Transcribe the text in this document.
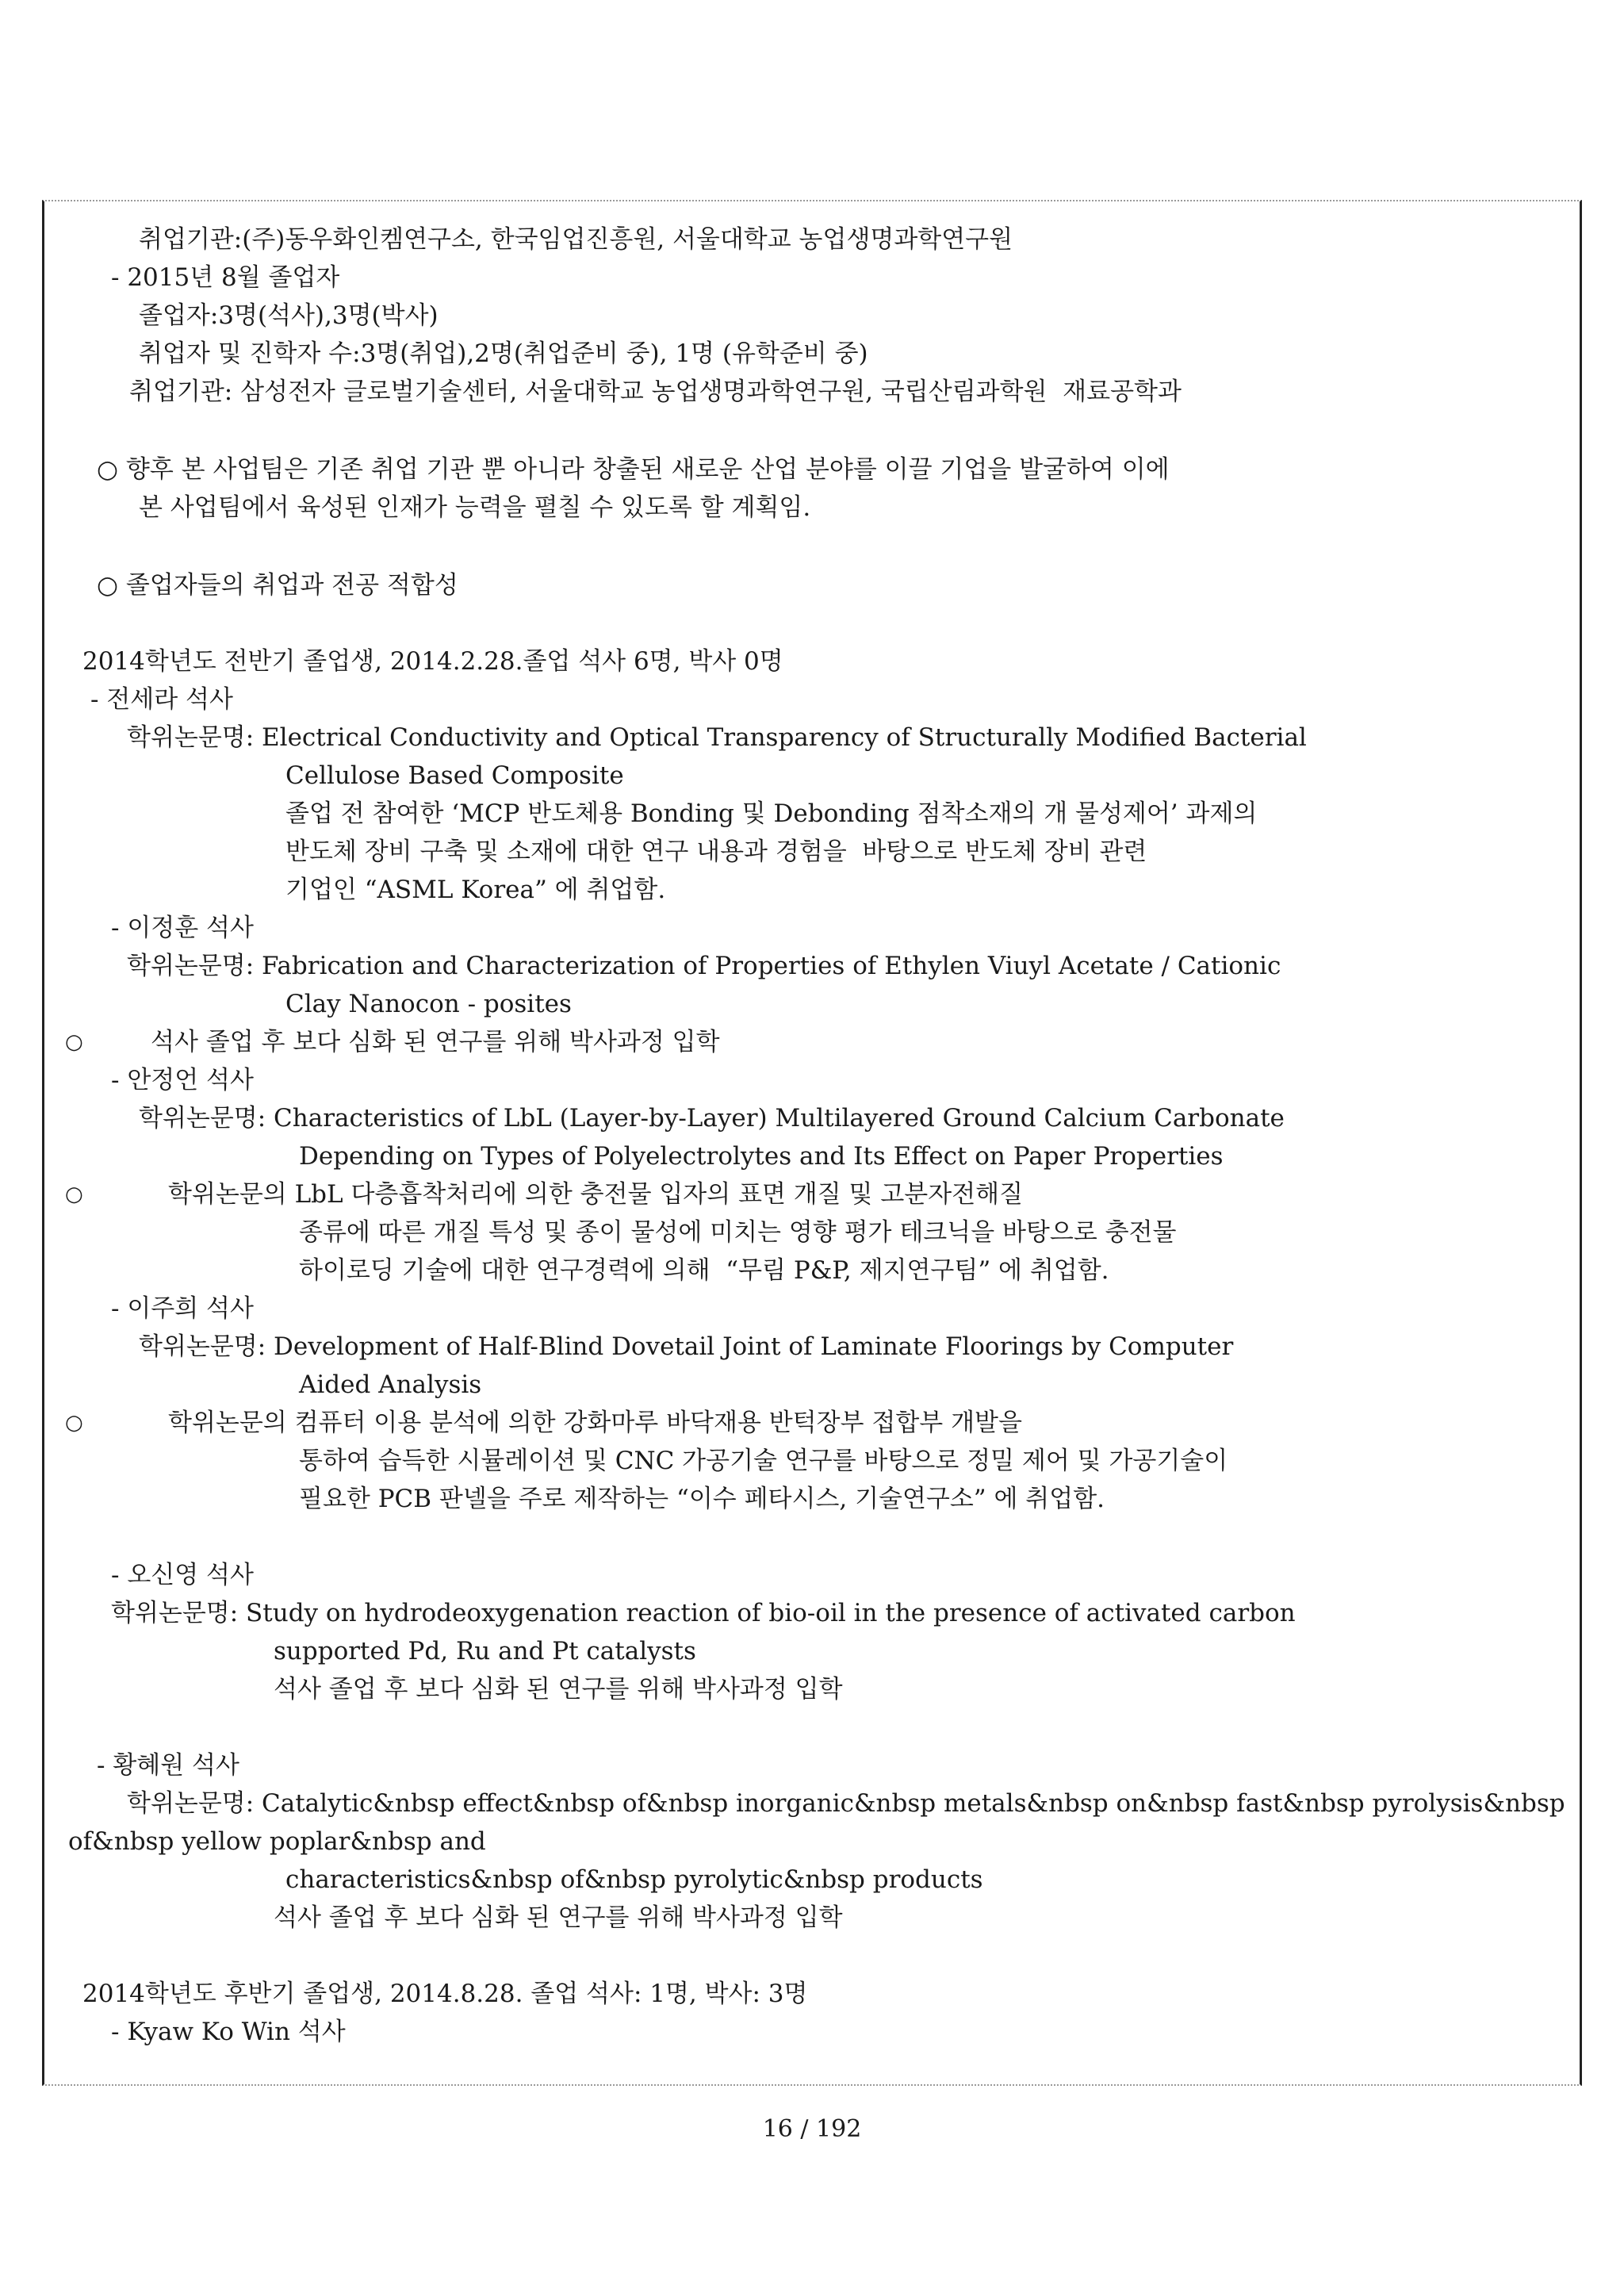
취업기관:(주)동우화인켐연구소, 한국임업진흥원, 서울대학교 농업생명과학연구원
- 2015년 8월 졸업자
졸업자:3명(석사),3명(박사)
취업자 및 진학자 수:3명(취업),2명(취업준비 중), 1명 (유학준비 중)
취업기관: 삼성전자 글로벌기술센터, 서울대학교 농업생명과학연구원, 국립산림과학원  재료공학과
○ 향후 본 사업팀은 기존 취업 기관 뿐 아니라 창출된 새로운 산업 분야를 이끌 기업을 발굴하여 이에
본 사업팀에서 육성된 인재가 능력을 펼칠 수 있도록 할 계획임.
○ 졸업자들의 취업과 전공 적합성
2014학년도 전반기 졸업생, 2014.2.28.졸업 석사 6명, 박사 0명
- 전세라 석사
학위논문명: Electrical Conductivity and Optical Transparency of Structurally Modified Bacterial
Cellulose Based Composite
졸업 전 참여한 ‘MCP 반도체용 Bonding 및 Debonding 점착소재의 개 물성제어’ 과제의
반도체 장비 구축 및 소재에 대한 연구 내용과 경험을  바탕으로 반도체 장비 관련
기업인 “ASML Korea” 에 취업함.
- 이정훈 석사
학위논문명: Fabrication and Characterization of Properties of Ethylen Viuyl Acetate / Cationic
Clay Nanocon - posites
○	석사 졸업 후 보다 심화 된 연구를 위해 박사과정 입학
- 안정언 석사
학위논문명: Characteristics of LbL (Layer-by-Layer) Multilayered Ground Calcium Carbonate
Depending on Types of Polyelectrolytes and Its Effect on Paper Properties
○	학위논문의 LbL 다층흡착처리에 의한 충전물 입자의 표면 개질 및 고분자전해질
종류에 따른 개질 특성 및 종이 물성에 미치는 영향 평가 테크닉을 바탕으로 충전물
하이로딩 기술에 대한 연구경력에 의해  “무림 P&P, 제지연구팀” 에 취업함.
- 이주희 석사
학위논문명: Development of Half-Blind Dovetail Joint of Laminate Floorings by Computer
Aided Analysis
○	학위논문의 컴퓨터 이용 분석에 의한 강화마루 바닥재용 반턱장부 접합부 개발을
통하여 습득한 시뮬레이션 및 CNC 가공기술 연구를 바탕으로 정밀 제어 및 가공기술이
필요한 PCB 판넬을 주로 제작하는 “이수 페타시스, 기술연구소” 에 취업함.
- 오신영 석사
학위논문명: Study on hydrodeoxygenation reaction of bio-oil in the presence of activated carbon
supported Pd, Ru and Pt catalysts
석사 졸업 후 보다 심화 된 연구를 위해 박사과정 입학
- 황혜원 석사
학위논문명: Catalytic&nbsp effect&nbsp of&nbsp inorganic&nbsp metals&nbsp on&nbsp fast&nbsp pyrolysis&nbsp
of&nbsp yellow poplar&nbsp and
characteristics&nbsp of&nbsp pyrolytic&nbsp products
석사 졸업 후 보다 심화 된 연구를 위해 박사과정 입학
2014학년도 후반기 졸업생, 2014.8.28. 졸업 석사: 1명, 박사: 3명
- Kyaw Ko Win 석사
16 / 192
